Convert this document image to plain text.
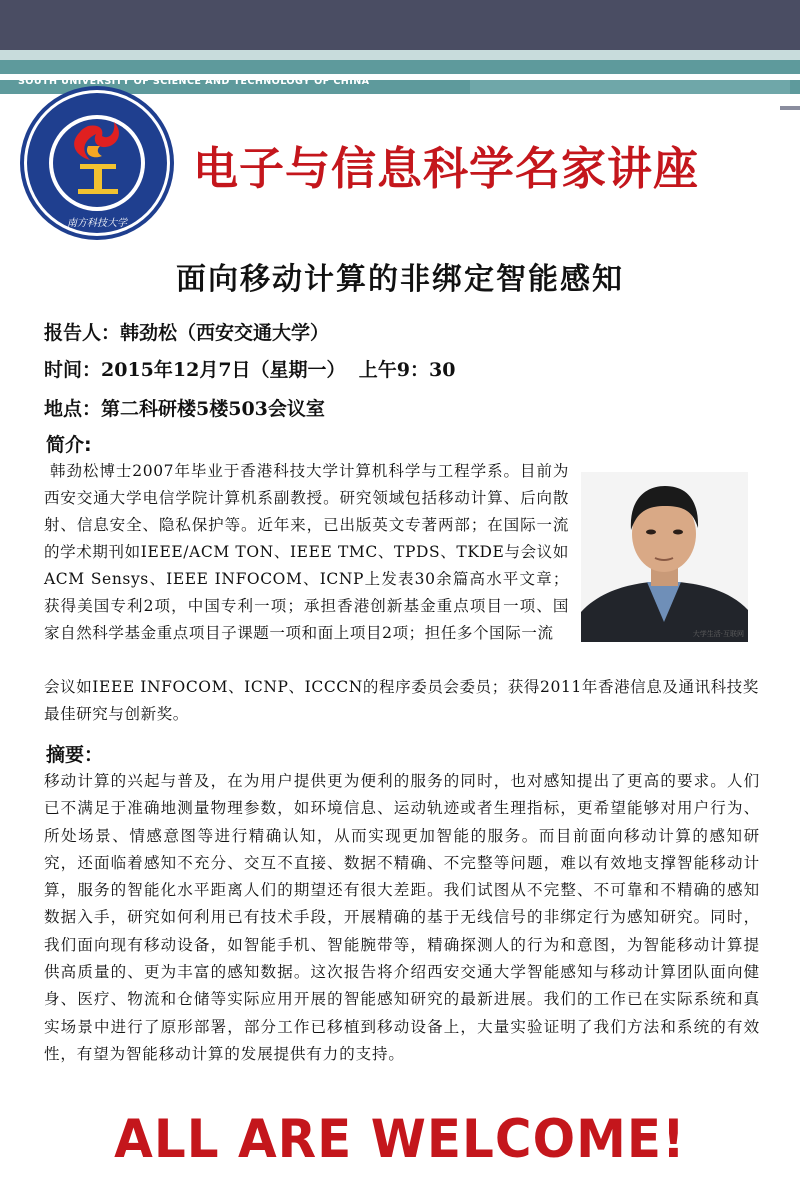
SOUTH UNIVERSITY OF SCIENCE AND TECHNOLOGY OF CHINA
南方科技大学
电子与信息科学名家讲座
面向移动计算的非绑定智能感知
报告人：韩劲松（西安交通大学）
时间：2015年12月7日（星期一）  上午9：30
地点：第二科研楼5楼503会议室
简介:
韩劲松博士2007年毕业于香港科技大学计算机科学与工程学系。目前为西安交通大学电信学院计算机系副教授。研究领域包括移动计算、后向散射、信息安全、隐私保护等。近年来，已出版英文专著两部；在国际一流的学术期刊如IEEE/ACM TON、IEEE TMC、TPDS、TKDE与会议如ACM Sensys、IEEE INFOCOM、ICNP上发表30余篇高水平文章；获得美国专利2项，中国专利一项；承担香港创新基金重点项目一项、国家自然科学基金重点项目子课题一项和面上项目2项；担任多个国际一流	大学生活·互联网
会议如IEEE INFOCOM、ICNP、ICCCN的程序委员会委员；获得2011年香港信息及通讯科技奖最佳研究与创新奖。
摘要：
移动计算的兴起与普及，在为用户提供更为便利的服务的同时，也对感知提出了更高的要求。人们已不满足于准确地测量物理参数，如环境信息、运动轨迹或者生理指标，更希望能够对用户行为、所处场景、情感意图等进行精确认知，从而实现更加智能的服务。而目前面向移动计算的感知研究，还面临着感知不充分、交互不直接、数据不精确、不完整等问题，难以有效地支撑智能移动计算，服务的智能化水平距离人们的期望还有很大差距。我们试图从不完整、不可靠和不精确的感知数据入手，研究如何利用已有技术手段，开展精确的基于无线信号的非绑定行为感知研究。同时，我们面向现有移动设备，如智能手机、智能腕带等，精确探测人的行为和意图，为智能移动计算提供高质量的、更为丰富的感知数据。这次报告将介绍西安交通大学智能感知与移动计算团队面向健身、医疗、物流和仓储等实际应用开展的智能感知研究的最新进展。我们的工作已在实际系统和真实场景中进行了原形部署，部分工作已移植到移动设备上，大量实验证明了我们方法和系统的有效性，有望为智能移动计算的发展提供有力的支持。
ALL ARE WELCOME!
